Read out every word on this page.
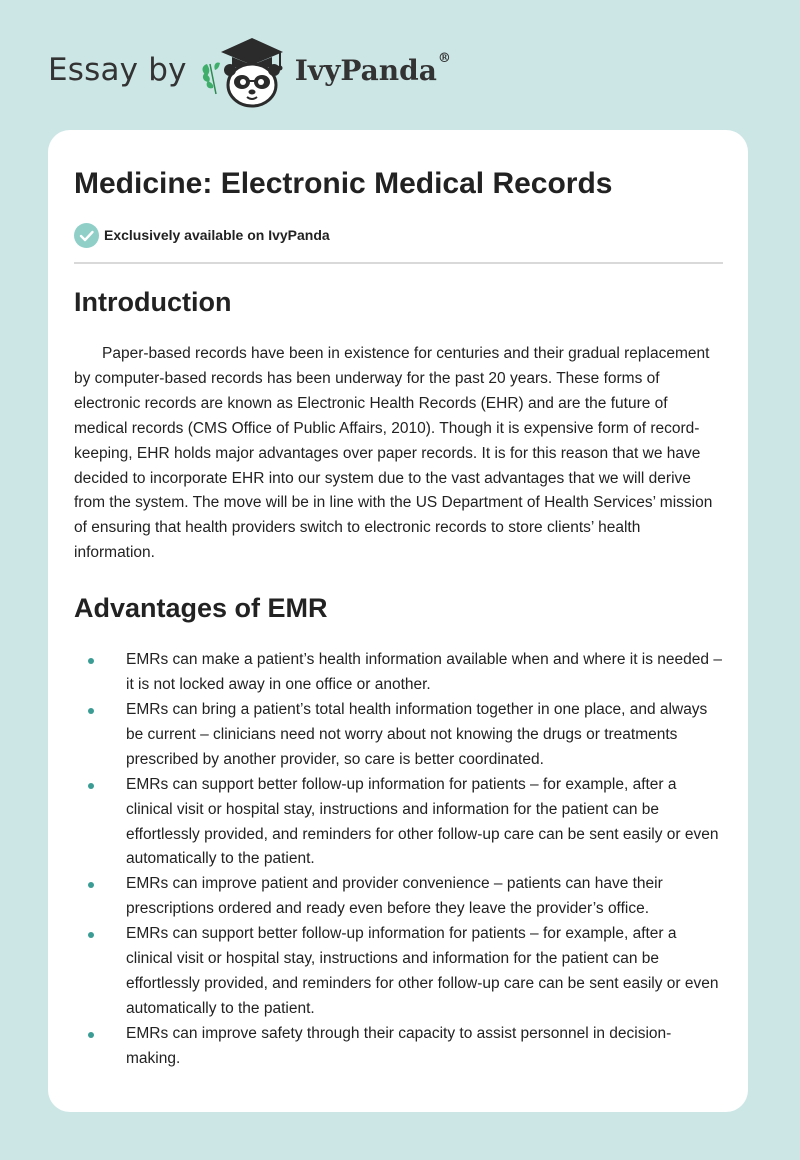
Essay by	IvyPanda®
Medicine: Electronic Medical Records
Exclusively available on IvyPanda
Introduction

Paper-based records have been in existence for centuries and their gradual replacement by computer-based records has been underway for the past 20 years. These forms of electronic records are known as Electronic Health Records (EHR) and are the future of medical records (CMS Office of Public Affairs, 2010). Though it is expensive form of record-keeping, EHR holds major advantages over paper records. It is for this reason that we have decided to incorporate EHR into our system due to the vast advantages that we will derive from the system. The move will be in line with the US Department of Health Services’ mission of ensuring that health providers switch to electronic records to store clients’ health information.

Advantages of EMR
EMRs can make a patient’s health information available when and where it is needed – it is not locked away in one office or another.
EMRs can bring a patient’s total health information together in one place, and always be current – clinicians need not worry about not knowing the drugs or treatments prescribed by another provider, so care is better coordinated.
EMRs can support better follow-up information for patients – for example, after a clinical visit or hospital stay, instructions and information for the patient can be effortlessly provided, and reminders for other follow-up care can be sent easily or even automatically to the patient.
EMRs can improve patient and provider convenience – patients can have their prescriptions ordered and ready even before they leave the provider’s office.
EMRs can support better follow-up information for patients – for example, after a clinical visit or hospital stay, instructions and information for the patient can be effortlessly provided, and reminders for other follow-up care can be sent easily or even automatically to the patient.
EMRs can improve safety through their capacity to assist personnel in decision-making.
